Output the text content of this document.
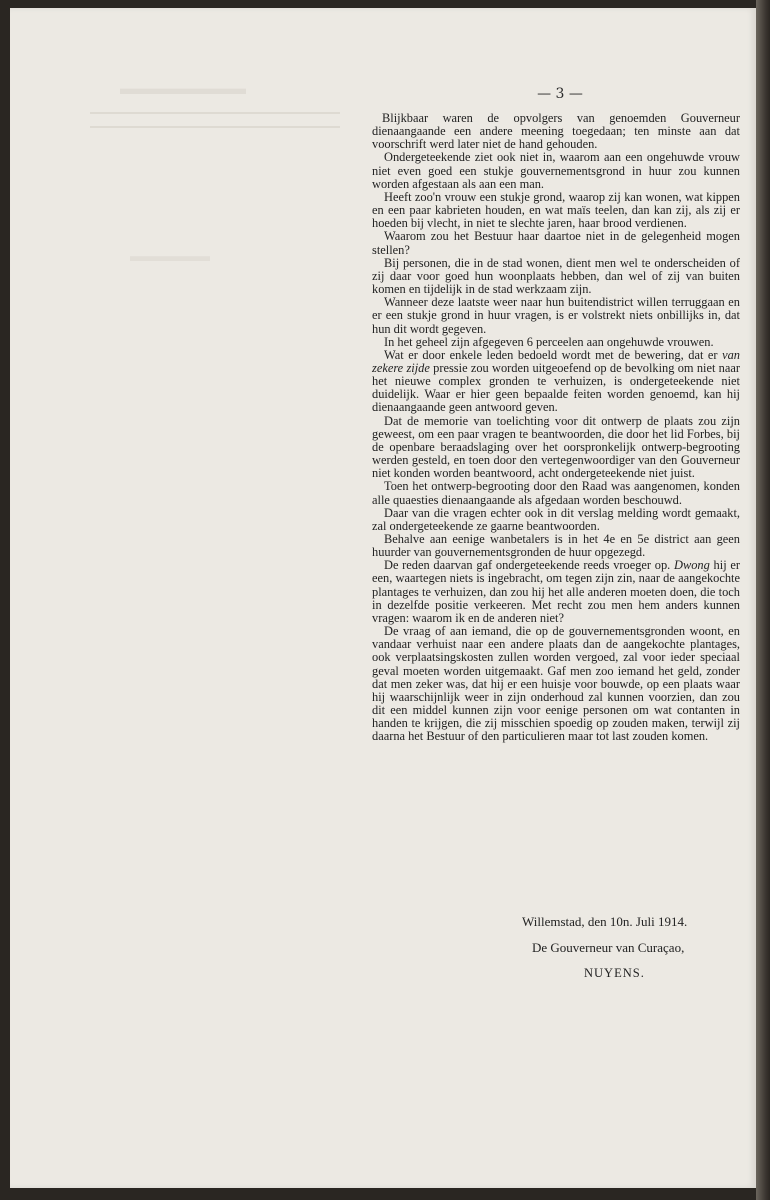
▬▬▬▬▬▬▬
▬▬▬▬▬
— 3 —

Blijkbaar waren de opvolgers van genoemden Gouverneur dienaangaande een andere meening toegedaan; ten minste aan dat voorschrift werd later niet de hand gehouden.

Ondergeteekende ziet ook niet in, waarom aan een ongehuwde vrouw niet even goed een stukje gouvernementsgrond in huur zou kunnen worden afgestaan als aan een man.

Heeft zoo'n vrouw een stukje grond, waarop zij kan wonen, wat kippen en een paar kabrieten houden, en wat maïs teelen, dan kan zij, als zij er hoeden bij vlecht, in niet te slechte jaren, haar brood verdienen.

Waarom zou het Bestuur haar daartoe niet in de gelegenheid mogen stellen?

Bij personen, die in de stad wonen, dient men wel te onderscheiden of zij daar voor goed hun woonplaats hebben, dan wel of zij van buiten komen en tijdelijk in de stad werkzaam zijn.

Wanneer deze laatste weer naar hun buitendistrict willen terruggaan en er een stukje grond in huur vragen, is er volstrekt niets onbillijks in, dat hun dit wordt gegeven.

In het geheel zijn afgegeven 6 perceelen aan ongehuwde vrouwen.

Wat er door enkele leden bedoeld wordt met de bewering, dat er van zekere zijde pressie zou worden uitgeoefend op de bevolking om niet naar het nieuwe complex gronden te verhuizen, is ondergeteekende niet duidelijk. Waar er hier geen bepaalde feiten worden genoemd, kan hij dienaangaande geen antwoord geven.

Dat de memorie van toelichting voor dit ontwerp de plaats zou zijn geweest, om een paar vragen te beantwoorden, die door het lid Forbes, bij de openbare beraadslaging over het oorspronkelijk ontwerp-begrooting werden gesteld, en toen door den vertegenwoordiger van den Gouverneur niet konden worden beantwoord, acht ondergeteekende niet juist.

Toen het ontwerp-begrooting door den Raad was aangenomen, konden alle quaesties dienaangaande als afgedaan worden beschouwd.

Daar van die vragen echter ook in dit verslag melding wordt gemaakt, zal ondergeteekende ze gaarne beantwoorden.

Behalve aan eenige wanbetalers is in het 4e en 5e district aan geen huurder van gouvernementsgronden de huur opgezegd.

De reden daarvan gaf ondergeteekende reeds vroeger op. Dwong hij er een, waartegen niets is ingebracht, om tegen zijn zin, naar de aangekochte plantages te verhuizen, dan zou hij het alle anderen moeten doen, die toch in dezelfde positie verkeeren. Met recht zou men hem anders kunnen vragen: waarom ik en de anderen niet?

De vraag of aan iemand, die op de gouvernementsgronden woont, en vandaar verhuist naar een andere plaats dan de aangekochte plantages, ook verplaatsingskosten zullen worden vergoed, zal voor ieder speciaal geval moeten worden uitgemaakt. Gaf men zoo iemand het geld, zonder dat men zeker was, dat hij er een huisje voor bouwde, op een plaats waar hij waarschijnlijk weer in zijn onderhoud zal kunnen voorzien, dan zou dit een middel kunnen zijn voor eenige personen om wat contanten in handen te krijgen, die zij misschien spoedig op zouden maken, terwijl zij daarna het Bestuur of den particulieren maar tot last zouden komen.

Willemstad, den 10n. Juli 1914.
De Gouverneur van Curaçao,
NUYENS.
